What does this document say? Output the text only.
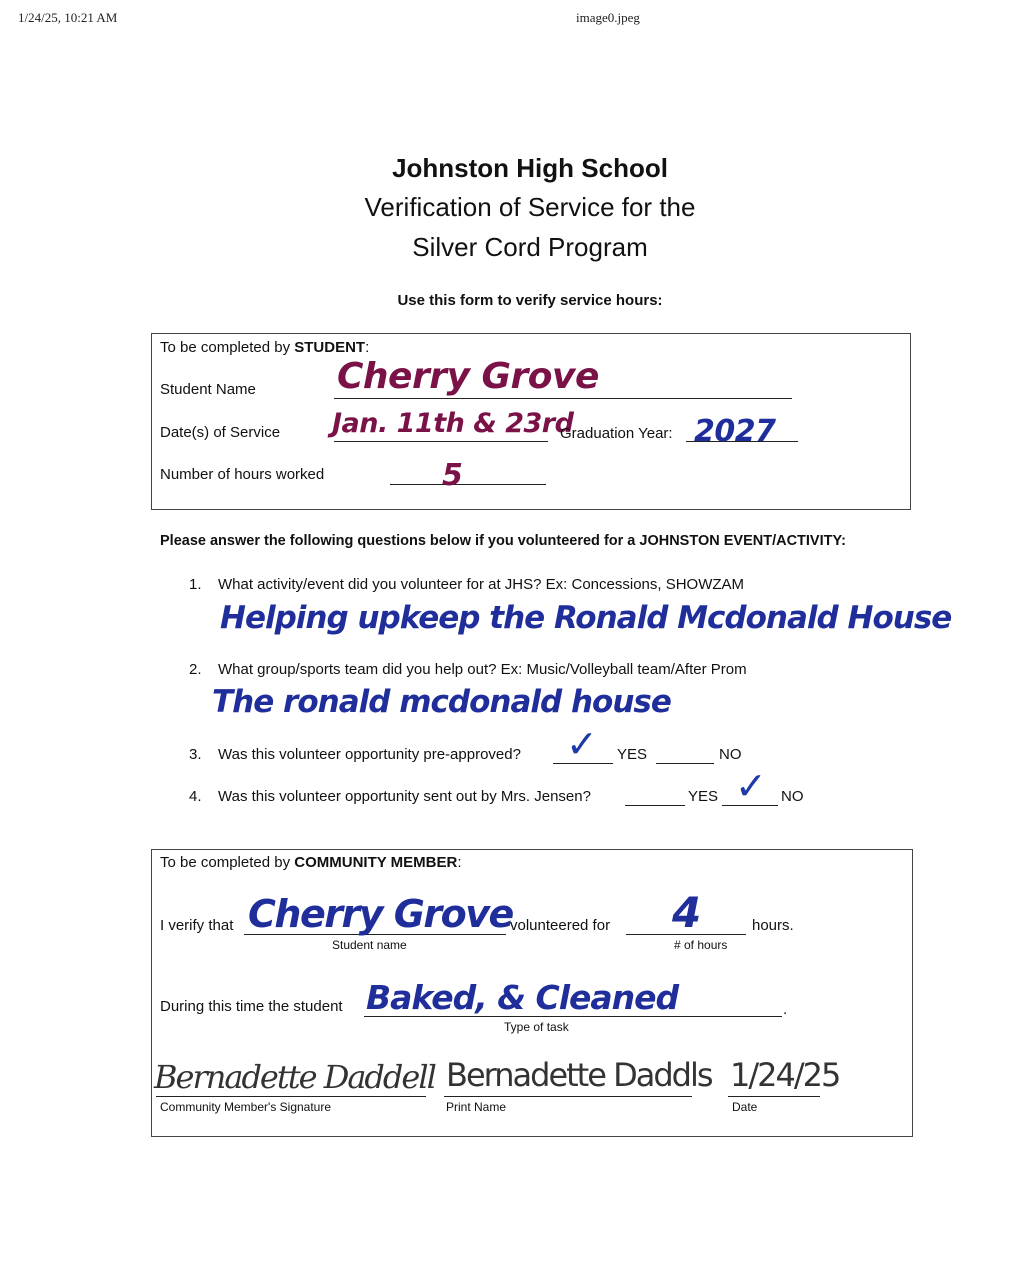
1/24/25, 10:21 AM	image0.jpeg
Johnston High School
Verification of Service for the
Silver Cord Program
Use this form to verify service hours:
To be completed by STUDENT:
Student Name Cherry Grove
Date(s) of Service Jan. 11th & 23rd
Graduation Year: 2027
Number of hours worked	5
Please answer the following questions below if you volunteered for a JOHNSTON EVENT/ACTIVITY:
1. What activity/event did you volunteer for at JHS? Ex: Concessions, SHOWZAM
Helping upkeep the Ronald Mcdonald House
2. What group/sports team did you help out? Ex: Music/Volleyball team/After Prom
The ronald mcdonald house
3. Was this volunteer opportunity pre-approved? ✓ YES	NO
4. Was this volunteer opportunity sent out by Mrs. Jensen?	YES ✓ NO
To be completed by COMMUNITY MEMBER:
I verify that Cherry Grove
Student name
volunteered for 4
# of hours
hours.
During this time the student Baked, & Cleaned
Type of task
.
Bernadette Daddell
Community Member's Signature
Bernadette Daddls
Print Name
1/24/25
Date
